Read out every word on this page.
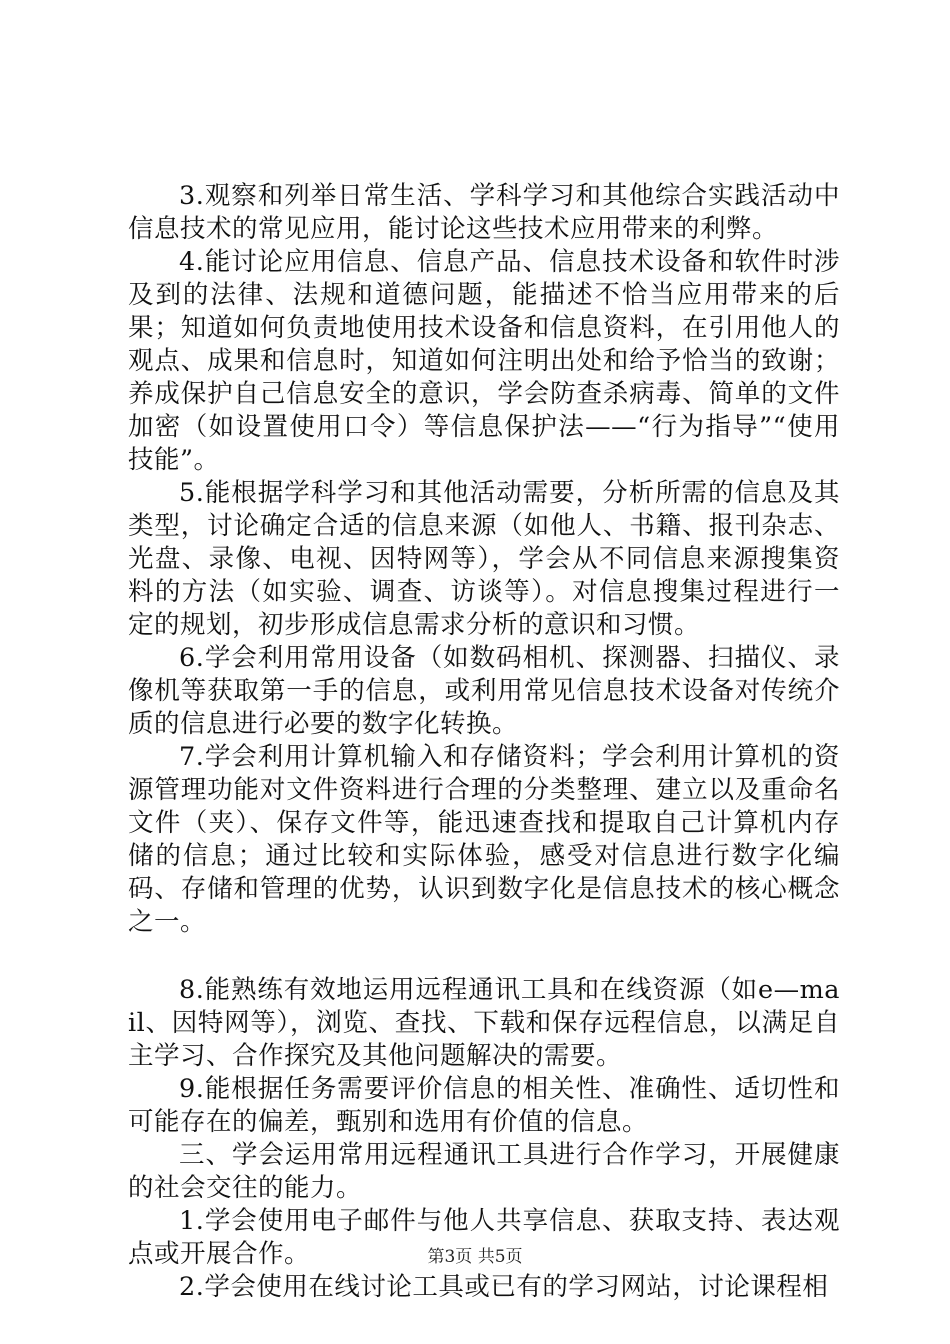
3.观察和列举日常生活、学科学习和其他综合实践活动中信息技术的常见应用，能讨论这些技术应用带来的利弊。

4.能讨论应用信息、信息产品、信息技术设备和软件时涉及到的法律、法规和道德问题，能描述不恰当应用带来的后果；知道如何负责地使用技术设备和信息资料，在引用他人的观点、成果和信息时，知道如何注明出处和给予恰当的致谢；养成保护自己信息安全的意识，学会防查杀病毒、简单的文件加密（如设置使用口令）等信息保护法——“行为指导”“使用技能”。

5.能根据学科学习和其他活动需要，分析所需的信息及其类型，讨论确定合适的信息来源（如他人、书籍、报刊杂志、光盘、录像、电视、因特网等），学会从不同信息来源搜集资料的方法（如实验、调查、访谈等）。对信息搜集过程进行一定的规划，初步形成信息需求分析的意识和习惯。

6.学会利用常用设备（如数码相机、探测器、扫描仪、录像机等获取第一手的信息，或利用常见信息技术设备对传统介质的信息进行必要的数字化转换。

7.学会利用计算机输入和存储资料；学会利用计算机的资源管理功能对文件资料进行合理的分类整理、建立以及重命名文件（夹）、保存文件等，能迅速查找和提取自己计算机内存储的信息；通过比较和实际体验，感受对信息进行数字化编码、存储和管理的优势，认识到数字化是信息技术的核心概念之一。

8.能熟练有效地运用远程通讯工具和在线资源（如e—mail、因特网等），浏览、查找、下载和保存远程信息，以满足自主学习、合作探究及其他问题解决的需要。

9.能根据任务需要评价信息的相关性、准确性、适切性和可能存在的偏差，甄别和选用有价值的信息。

三、学会运用常用远程通讯工具进行合作学习，开展健康的社会交往的能力。

1.学会使用电子邮件与他人共享信息、获取支持、表达观点或开展合作。

2.学会使用在线讨论工具或已有的学习网站，讨论课程相

第3页 共5页
